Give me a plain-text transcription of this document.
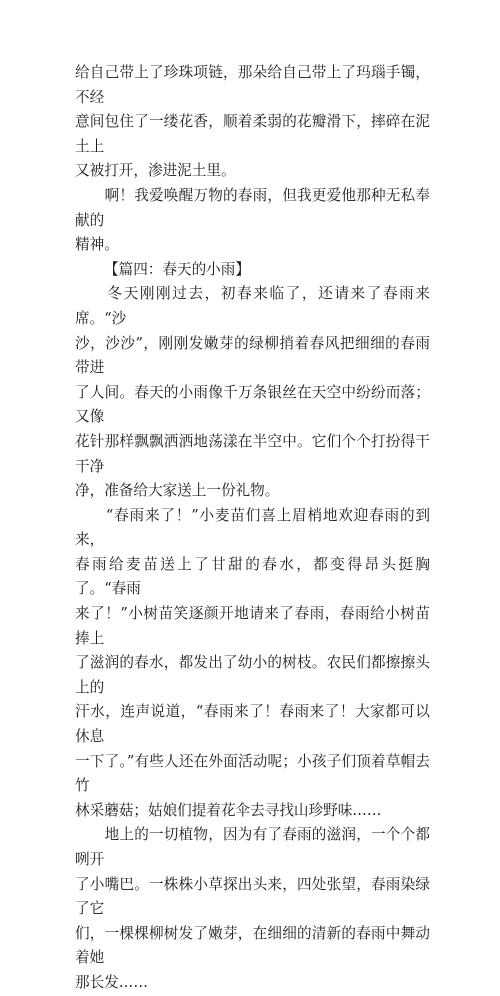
给自己带上了珍珠项链，那朵给自己带上了玛瑙手镯，不经
意间包住了一缕花香，顺着柔弱的花瓣滑下，摔碎在泥土上
又被打开，渗进泥土里。

　　啊！我爱唤醒万物的春雨，但我更爱他那种无私奉献的
精神。

【篇四：春天的小雨】

　　冬天刚刚过去，初春来临了，还请来了春雨来席。“沙
沙，沙沙”，刚刚发嫩芽的绿柳捎着春风把细细的春雨带进
了人间。春天的小雨像千万条银丝在天空中纷纷而落；又像
花针那样飘飘洒洒地荡漾在半空中。它们个个打扮得干干净
净，准备给大家送上一份礼物。

　　“春雨来了！”小麦苗们喜上眉梢地欢迎春雨的到来，
春雨给麦苗送上了甘甜的春水，都变得昂头挺胸了。“春雨
来了！”小树苗笑逐颜开地请来了春雨，春雨给小树苗捧上
了滋润的春水，都发出了幼小的树枝。农民们都擦擦头上的
汗水，连声说道，“春雨来了！春雨来了！大家都可以休息
一下了。”有些人还在外面活动呢；小孩子们顶着草帽去竹
林采蘑菇；姑娘们提着花伞去寻找山珍野味……

　　地上的一切植物，因为有了春雨的滋润，一个个都咧开
了小嘴巴。一株株小草探出头来，四处张望，春雨染绿了它
们，一棵棵柳树发了嫩芽，在细细的清新的春雨中舞动着她
那长发……
